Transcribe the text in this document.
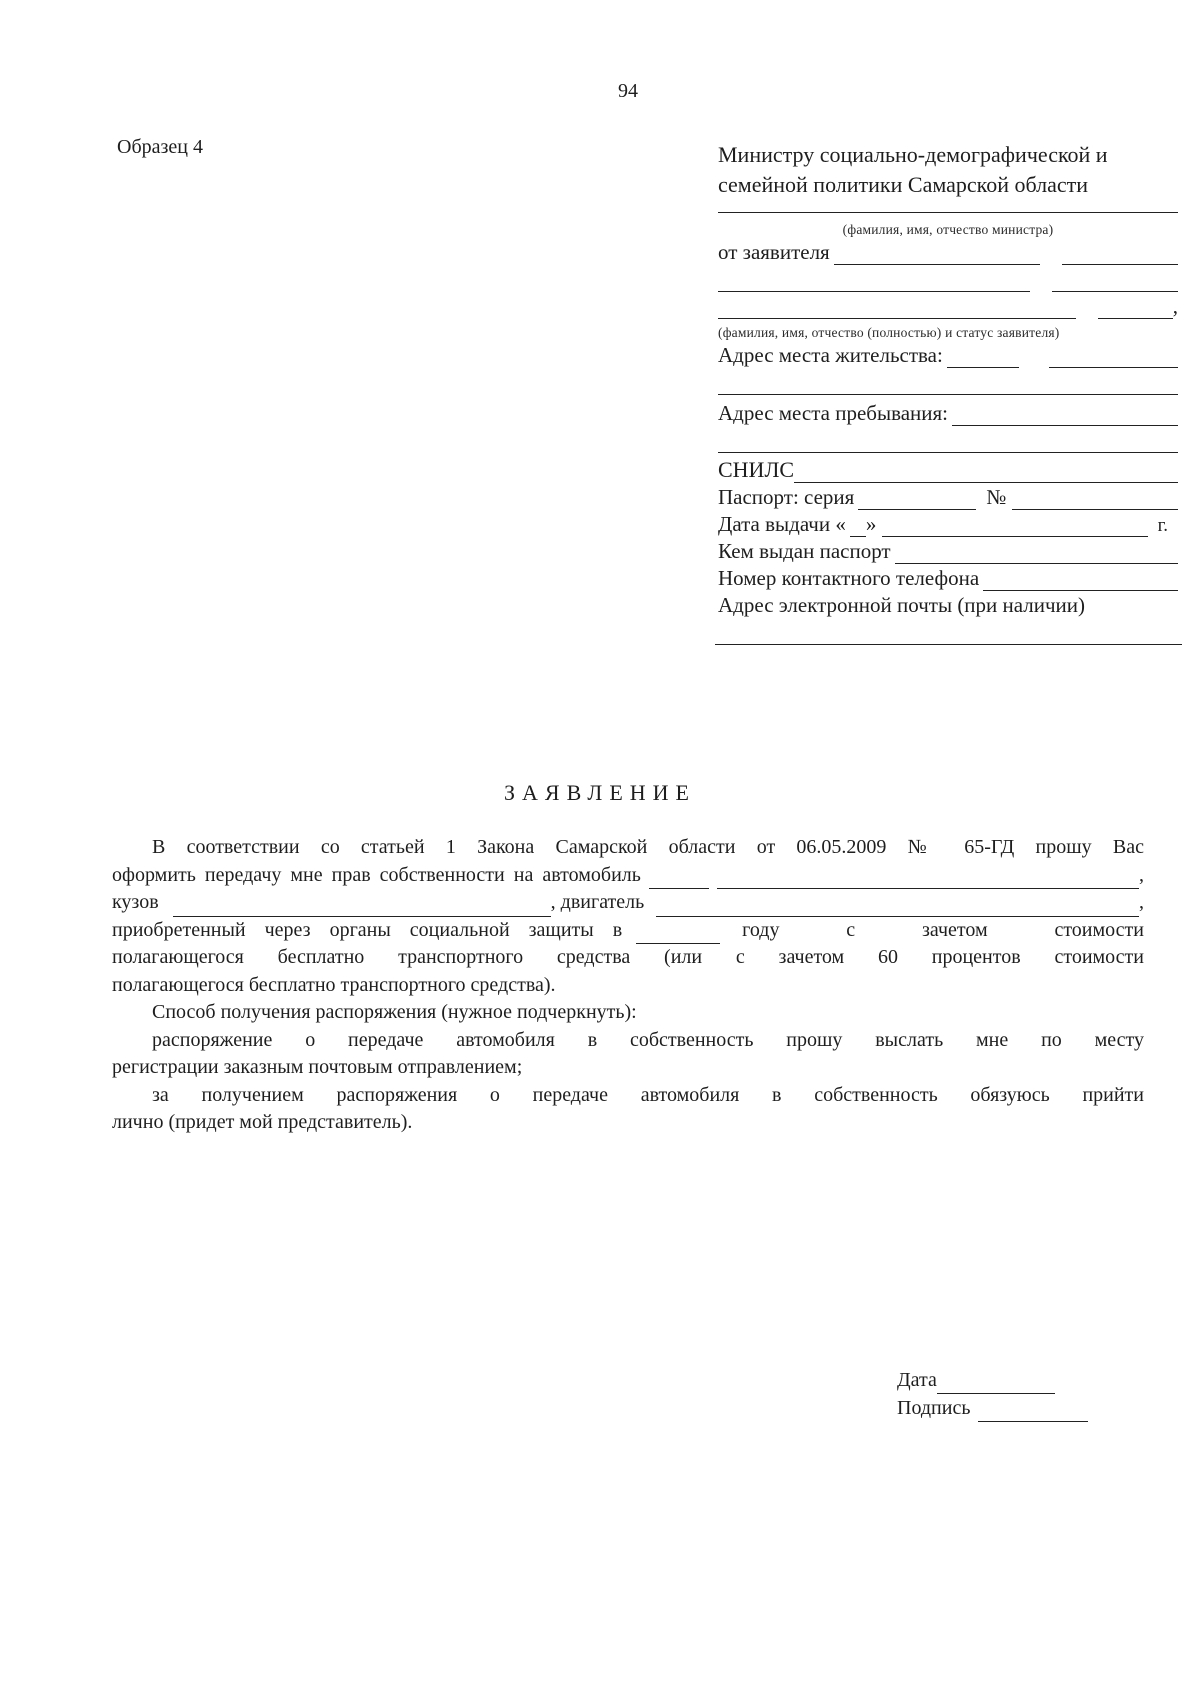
94
Образец 4	Министру социально-демографической и
семейной политики Самарской области
(фамилия, имя, отчество министра)
от заявителя
,
(фамилия, имя, отчество (полностью) и статус заявителя)
Адрес места жительства:
Адрес места пребывания:
СНИЛС
Паспорт: серия	№
Дата выдачи « »	г.
Кем выдан паспорт
Номер контактного телефона
Адрес электронной почты (при наличии)
ЗАЯВЛЕНИЕ
В соответствии со статьей 1 Закона Самарской области от 06.05.2009 № 65-ГД прошу Вас
оформить передачу мне прав собственности на автомобиль	,
кузов	, двигатель	,
приобретенный через органы социальной защиты в	году с зачетом стоимости
полагающегося бесплатно транспортного средства (или с зачетом 60 процентов стоимости
полагающегося бесплатно транспортного средства).
Способ получения распоряжения (нужное подчеркнуть):
распоряжение о передаче автомобиля в собственность прошу выслать мне по месту
регистрации заказным почтовым отправлением;
за получением распоряжения о передаче автомобиля в собственность обязуюсь прийти
лично (придет мой представитель).
Дата
Подпись
